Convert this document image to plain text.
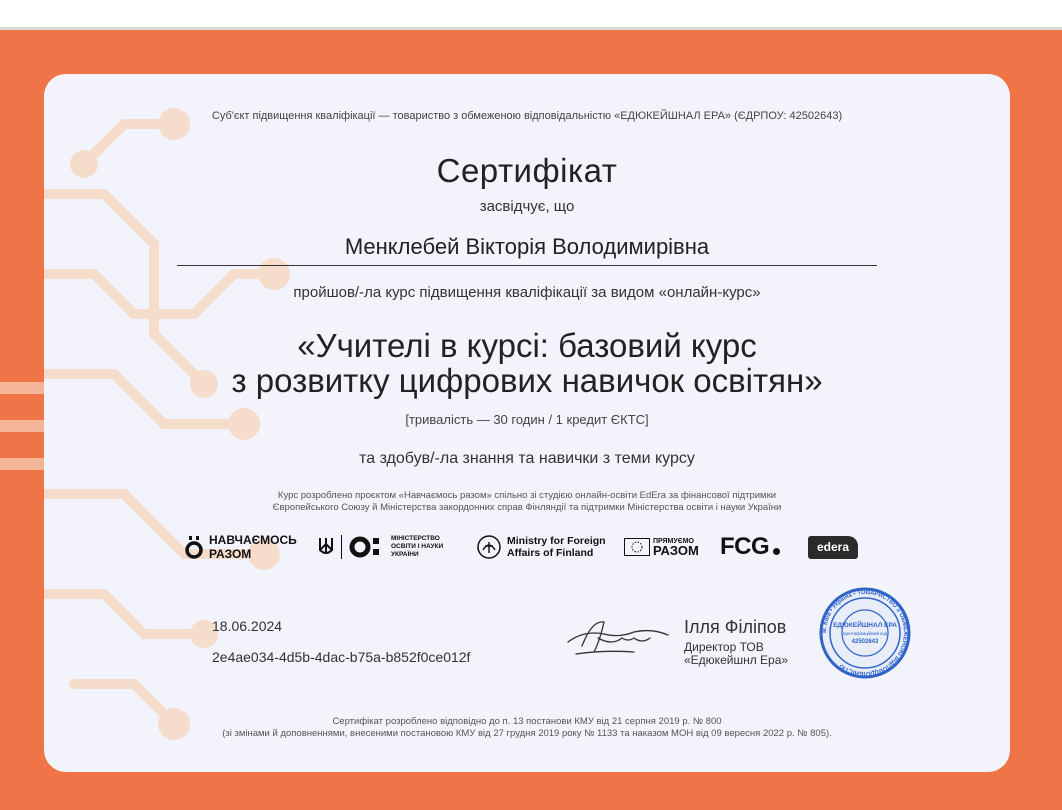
Суб'єкт підвищення кваліфікації — товариство з обмеженою відповідальністю «ЕДЮКЕЙШНАЛ ЕРА» (ЄДРПОУ: 42502643)
Сертифікат
засвідчує, що
Менклебей Вікторія Володимирівна
пройшов/-ла курс підвищення кваліфікації за видом «онлайн-курс»
«Учителі в курсі: базовий курс
з розвитку цифрових навичок освітян»
[тривалість — 30 годин / 1 кредит ЄКТС]
та здобув/-ла знання та навички з теми курсу
Курс розроблено проєктом «Навчаємось разом» спільно зі студією онлайн-освіти EdEra за фінансової підтримки
Європейського Союзу й Міністерства закордонних справ Фінляндії та підтримки Міністерства освіти і науки України
НАВЧАЄМОСЬ
РАЗОМ
МІНІСТЕРСТВО
ОСВІТИ І НАУКИ
УКРАЇНИ
Ministry for Foreign
Affairs of Finland
ПРЯМУЄМО
РАЗОМ FCG	edera
18.06.2024
2e4ae034-4d5b-4dac-b75a-b852f0ce012f
Ілля Філіпов
Директор ТОВ
«Едюкейшнл Ера»
м. Київ • Україна • ТОВАРИСТВО З ОБМЕЖЕНОЮ ВІДПОВІДАЛЬНІСТЮ
ЕДЮКЕЙШНАЛ ЕРА
Ідентифікаційний код
42502643
Сертифікат розроблено відповідно до п. 13 постанови КМУ від 21 серпня 2019 р. № 800
(зі змінами й доповненнями, внесеними постановою КМУ від 27 грудня 2019 року № 1133 та наказом МОН від 09 вересня 2022 р. № 805).
